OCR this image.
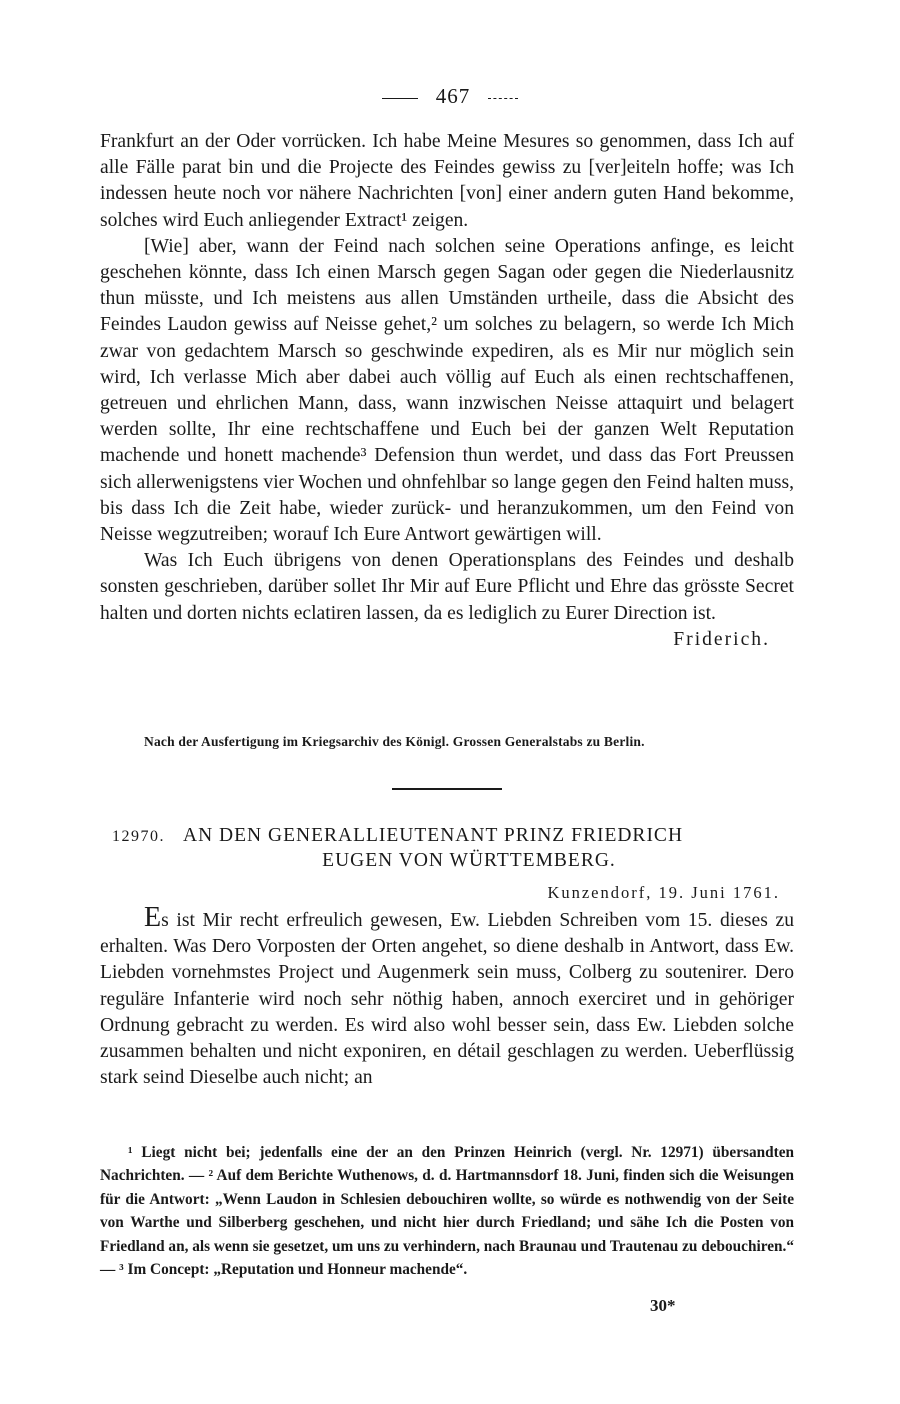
467

Frankfurt an der Oder vorrücken. Ich habe Meine Mesures so genommen, dass Ich auf alle Fälle parat bin und die Projecte des Feindes gewiss zu [ver]eiteln hoffe; was Ich indessen heute noch vor nähere Nachrichten [von] einer andern guten Hand bekomme, solches wird Euch anliegender Extract¹ zeigen.

[Wie] aber, wann der Feind nach solchen seine Operations anfinge, es leicht geschehen könnte, dass Ich einen Marsch gegen Sagan oder gegen die Niederlausnitz thun müsste, und Ich meistens aus allen Umständen urtheile, dass die Absicht des Feindes Laudon gewiss auf Neisse gehet,² um solches zu belagern, so werde Ich Mich zwar von gedachtem Marsch so geschwinde expediren, als es Mir nur möglich sein wird, Ich verlasse Mich aber dabei auch völlig auf Euch als einen rechtschaffenen, getreuen und ehrlichen Mann, dass, wann inzwischen Neisse attaquirt und belagert werden sollte, Ihr eine rechtschaffene und Euch bei der ganzen Welt Reputation machende und honett machende³ Defension thun werdet, und dass das Fort Preussen sich allerwenigstens vier Wochen und ohnfehlbar so lange gegen den Feind halten muss, bis dass Ich die Zeit habe, wieder zurück- und heranzukommen, um den Feind von Neisse wegzutreiben; worauf Ich Eure Antwort gewärtigen will.

Was Ich Euch übrigens von denen Operationsplans des Feindes und deshalb sonsten geschrieben, darüber sollet Ihr Mir auf Eure Pflicht und Ehre das grösste Secret halten und dorten nichts eclatiren lassen, da es lediglich zu Eurer Direction ist.
Friderich.

Nach der Ausfertigung im Kriegsarchiv des Königl. Grossen Generalstabs zu Berlin.
12970. AN DEN GENERALLIEUTENANT PRINZ FRIEDRICH
EUGEN VON WÜRTTEMBERG.
Kunzendorf, 19. Juni 1761.

Es ist Mir recht erfreulich gewesen, Ew. Liebden Schreiben vom 15. dieses zu erhalten. Was Dero Vorposten der Orten angehet, so diene deshalb in Antwort, dass Ew. Liebden vornehmstes Project und Augenmerk sein muss, Colberg zu soutenirer. Dero reguläre Infanterie wird noch sehr nöthig haben, annoch exerciret und in gehöriger Ordnung gebracht zu werden. Es wird also wohl besser sein, dass Ew. Liebden solche zusammen behalten und nicht exponiren, en détail geschlagen zu werden. Ueberflüssig stark seind Dieselbe auch nicht; an

¹ Liegt nicht bei; jedenfalls eine der an den Prinzen Heinrich (vergl. Nr. 12971) übersandten Nachrichten. — ² Auf dem Berichte Wuthenows, d. d. Hartmannsdorf 18. Juni, finden sich die Weisungen für die Antwort: „Wenn Laudon in Schlesien debouchiren wollte, so würde es nothwendig von der Seite von Warthe und Silberberg geschehen, und nicht hier durch Friedland; und sähe Ich die Posten von Friedland an, als wenn sie gesetzet, um uns zu verhindern, nach Braunau und Trautenau zu debouchiren.“ — ³ Im Concept: „Reputation und Honneur machende“.

30*
